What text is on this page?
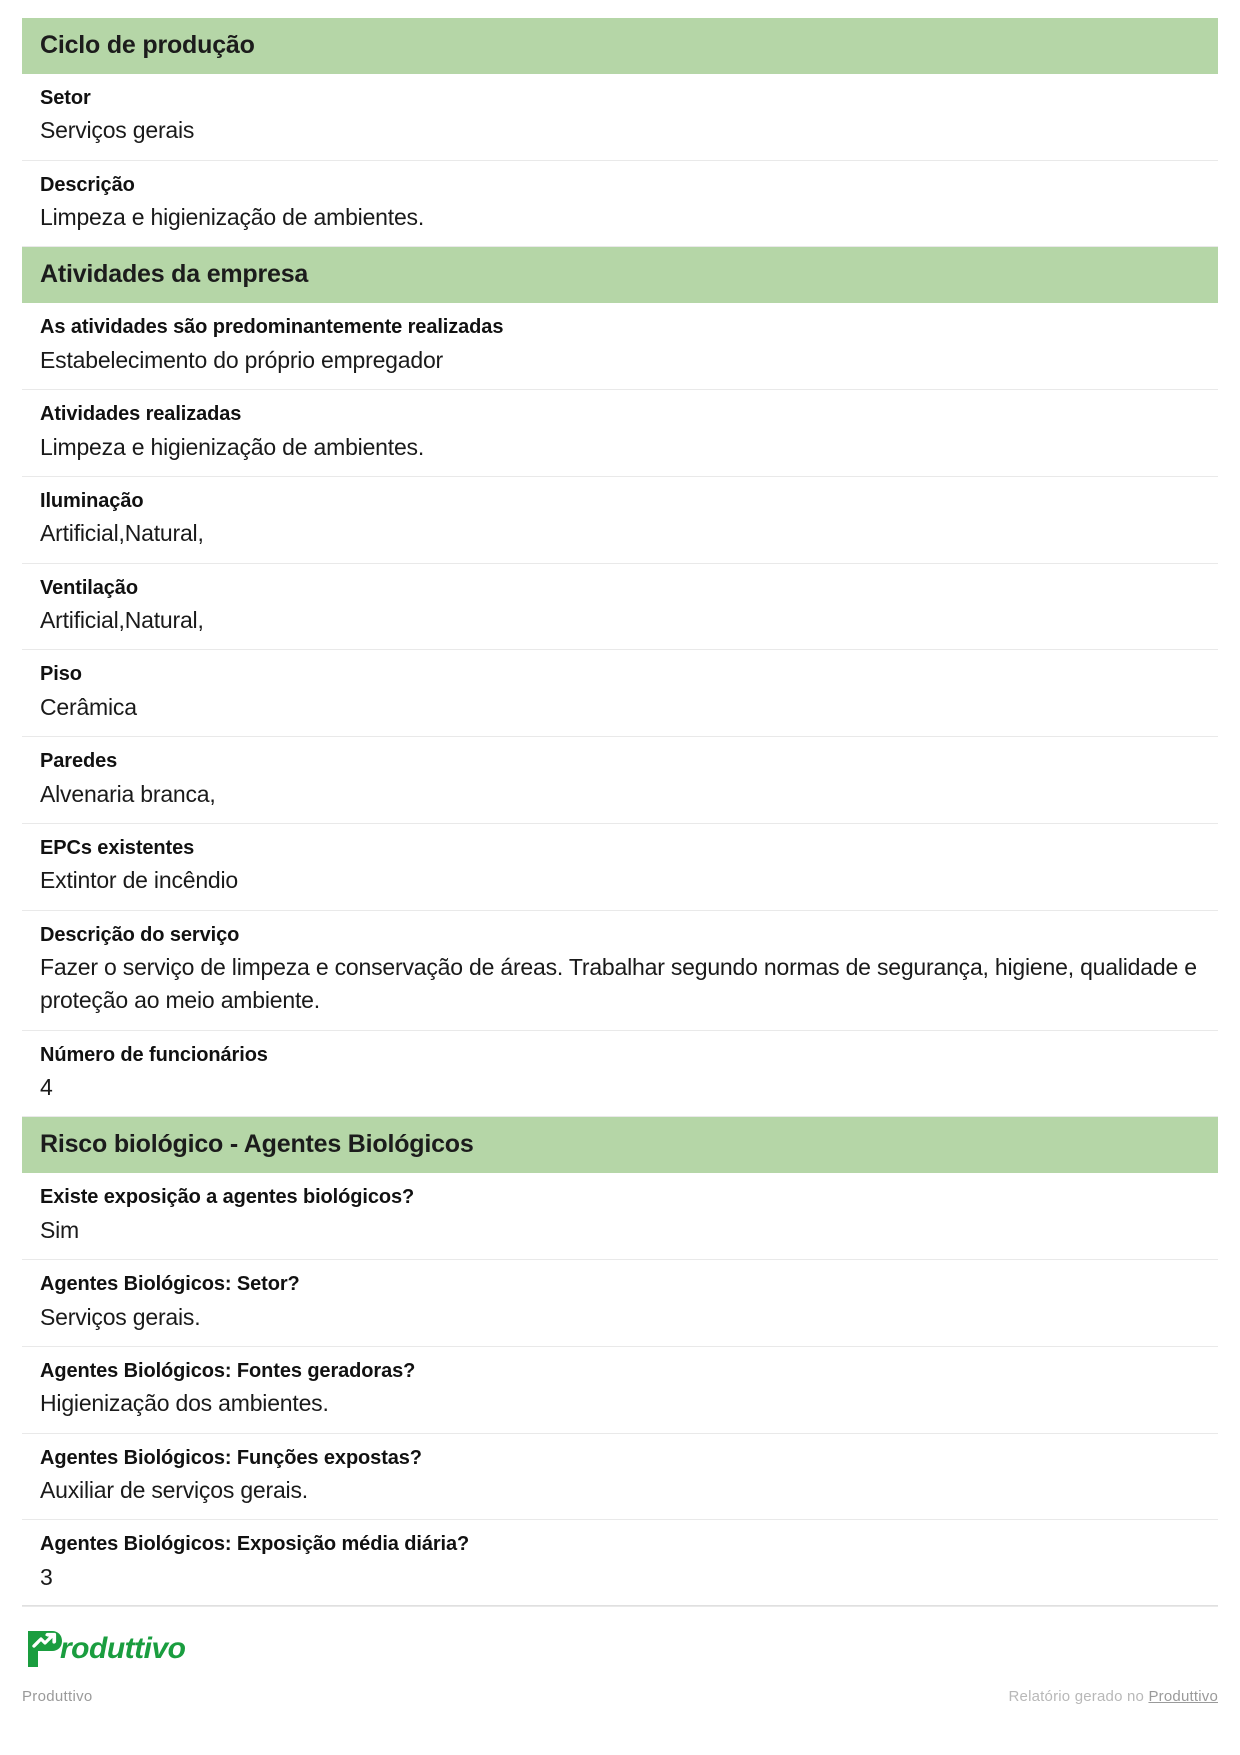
Ciclo de produção
Setor
Serviços gerais
Descrição
Limpeza e higienização de ambientes.
Atividades da empresa
As atividades são predominantemente realizadas
Estabelecimento do próprio empregador
Atividades realizadas
Limpeza e higienização de ambientes.
Iluminação
Artificial,Natural,
Ventilação
Artificial,Natural,
Piso
Cerâmica
Paredes
Alvenaria branca,
EPCs existentes
Extintor de incêndio
Descrição do serviço
Fazer o serviço de limpeza e conservação de áreas. Trabalhar segundo normas de segurança, higiene, qualidade e proteção ao meio ambiente.
Número de funcionários
4
Risco biológico - Agentes Biológicos
Existe exposição a agentes biológicos?
Sim
Agentes Biológicos: Setor?
Serviços gerais.
Agentes Biológicos: Fontes geradoras?
Higienização dos ambientes.
Agentes Biológicos: Funções expostas?
Auxiliar de serviços gerais.
Agentes Biológicos: Exposição média diária?
3
roduttivo
Produttivo	Relatório gerado no Produttivo
